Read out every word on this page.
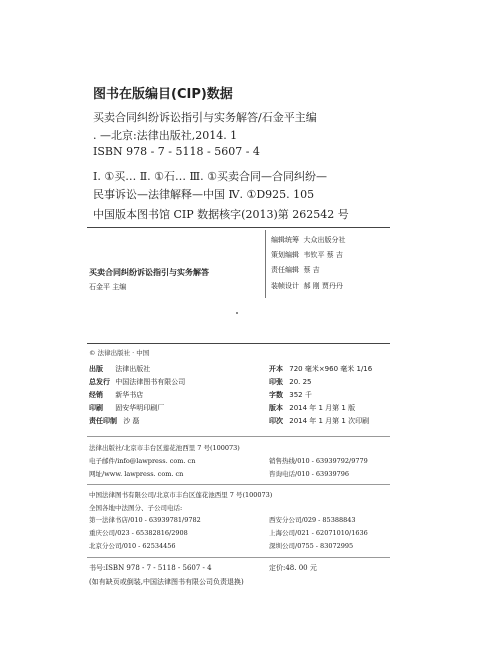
图书在版编目(CIP)数据
买卖合同纠纷诉讼指引与实务解答/石金平主编
. —北京:法律出版社,2014. 1
ISBN 978 - 7 - 5118 - 5607 - 4
Ⅰ. ①买… Ⅱ. ①石… Ⅲ. ①买卖合同—合同纠纷—
民事诉讼—法律解释—中国 Ⅳ. ①D925. 105
中国版本图书馆 CIP 数据核字(2013)第 262542 号
买卖合同纠纷诉讼指引与实务解答
石金平 主编
编辑统筹 大众出版分社
策划编辑 韦钦平 蔡 吉
责任编辑 蔡 吉
装帧设计 郝 刚 贾丹丹
© 法律出版社 · 中国
出版 法律出版社
总发行 中国法律图书有限公司
经销 新华书店
印刷 固安华明印刷厂
责任印制 沙 磊
开本 720 毫米×960 毫米 1/16
印张 20. 25
字数 352 千
版本 2014 年 1 月第 1 版
印次 2014 年 1 月第 1 次印刷
法律出版社/北京市丰台区莲花池西里 7 号(100073)
电子邮件/info@lawpress. com. cn
网址/www. lawpress. com. cn
销售热线/010 - 63939792/9779
咨询电话/010 - 63939796
中国法律图书有限公司/北京市丰台区莲花池西里 7 号(100073)
全国各地中法图分、子公司电话:
第一法律书店/010 - 63939781/9782
重庆公司/023 - 65382816/2908
北京分公司/010 - 62534456
西安分公司/029 - 85388843
上海公司/021 - 62071010/1636
深圳公司/0755 - 83072995
书号:ISBN 978 - 7 - 5118 - 5607 - 4	定价:48. 00 元
(如有缺页或倒装,中国法律图书有限公司负责退换)
